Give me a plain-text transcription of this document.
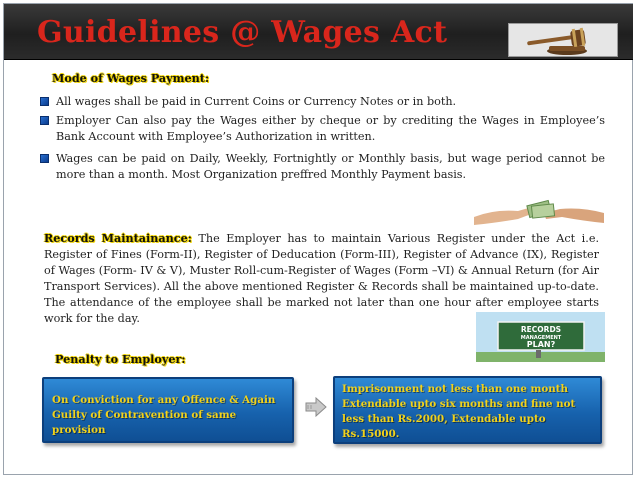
Guidelines @ Wages Act
Mode of Wages Payment:
All wages shall be paid in Current Coins or Currency Notes or in both.
Employer Can also pay the Wages either by cheque or by crediting the Wages in Employee’s Bank Account with Employee’s Authorization in written.
Wages can be paid on Daily, Weekly, Fortnightly or Monthly basis, but wage period cannot be more than a month. Most Organization preffred Monthly Payment basis.
Records Maintainance: The Employer has to maintain Various Register under the Act i.e. Register of Fines (Form-II), Register of Deducation (Form-III), Register of Advance (IX), Register of Wages (Form- IV & V), Muster Roll-cum-Register of Wages (Form –VI) & Annual Return (for Air Transport Services). All the above mentioned Register & Records shall be maintained up-to-date. The attendance of the employee shall be marked not later than one hour after employee starts work for the day.
RECORDS
MANAGEMENT
PLAN?
Penalty to Employer:
On Conviction for any Offence & Again Guilty of Contravention of same provision
Imprisonment not less than one month Extendable upto six months and fine not less than Rs.2000, Extendable upto Rs.15000.
